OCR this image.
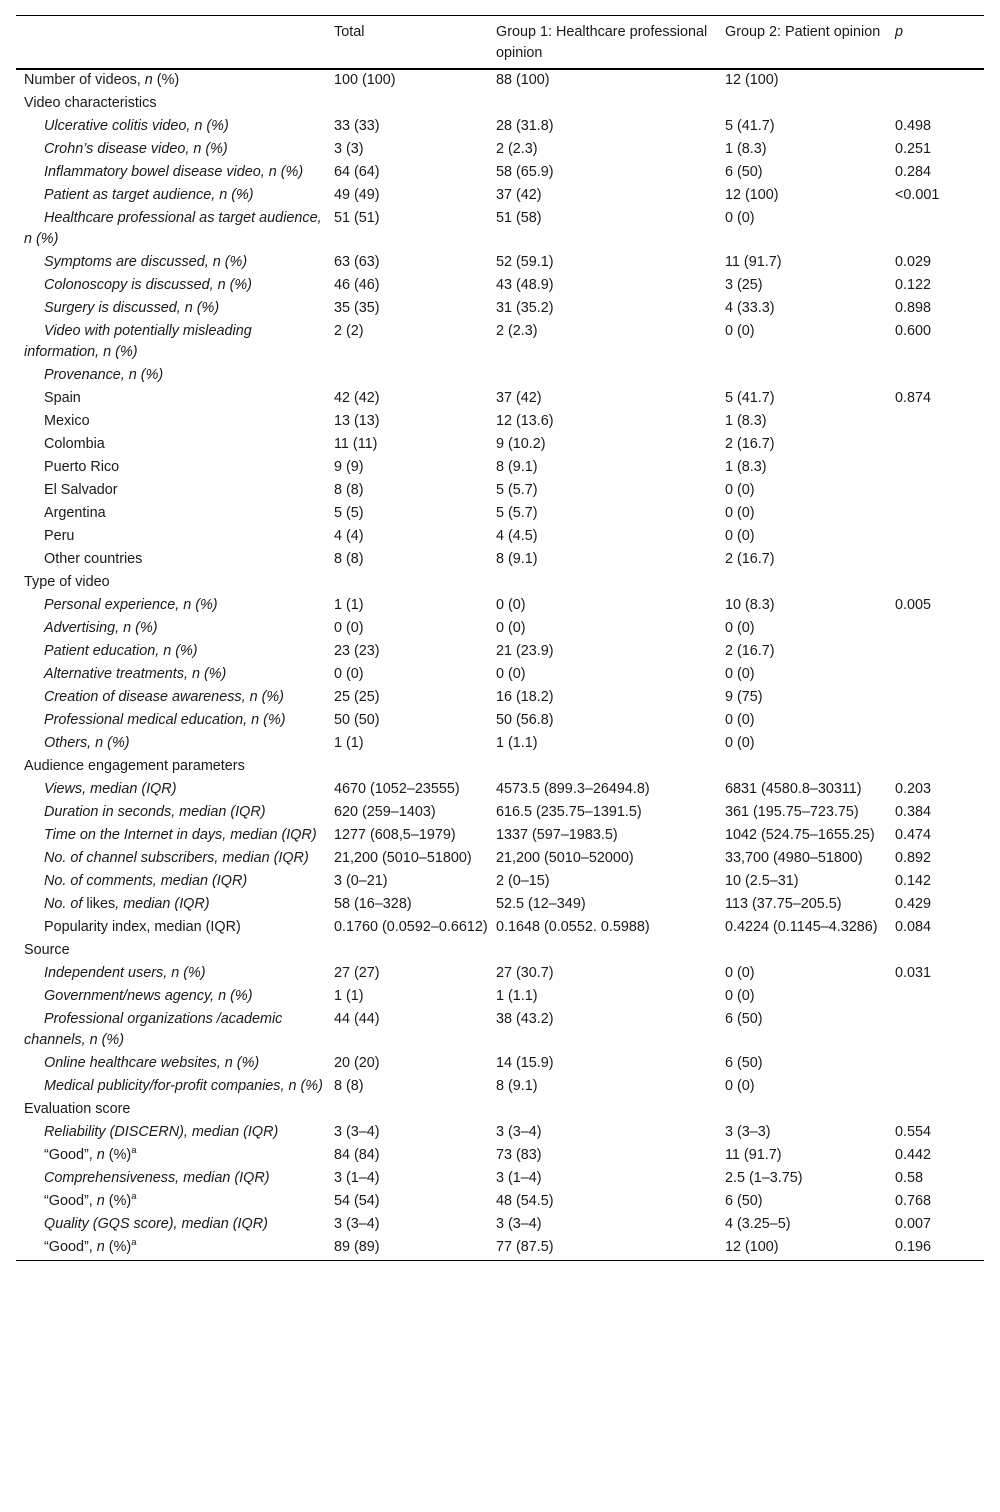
	Total	Group 1: Healthcare professional opinion	Group 2: Patient opinion	p
Number of videos, n (%)	100 (100)	88 (100)	12 (100)	
Video characteristics				
Ulcerative colitis video, n (%)	33 (33)	28 (31.8)	5 (41.7)	0.498
Crohn’s disease video, n (%)	3 (3)	2 (2.3)	1 (8.3)	0.251
Inflammatory bowel disease video, n (%)	64 (64)	58 (65.9)	6 (50)	0.284
Patient as target audience, n (%)	49 (49)	37 (42)	12 (100)	<0.001
Healthcare professional as target audience, n (%)	51 (51)	51 (58)	0 (0)	
Symptoms are discussed, n (%)	63 (63)	52 (59.1)	11 (91.7)	0.029
Colonoscopy is discussed, n (%)	46 (46)	43 (48.9)	3 (25)	0.122
Surgery is discussed, n (%)	35 (35)	31 (35.2)	4 (33.3)	0.898
Video with potentially misleading information, n (%)	2 (2)	2 (2.3)	0 (0)	0.600
Provenance, n (%)				
Spain	42 (42)	37 (42)	5 (41.7)	0.874
Mexico	13 (13)	12 (13.6)	1 (8.3)	
Colombia	11 (11)	9 (10.2)	2 (16.7)	
Puerto Rico	9 (9)	8 (9.1)	1 (8.3)	
El Salvador	8 (8)	5 (5.7)	0 (0)	
Argentina	5 (5)	5 (5.7)	0 (0)	
Peru	4 (4)	4 (4.5)	0 (0)	
Other countries	8 (8)	8 (9.1)	2 (16.7)	
Type of video				
Personal experience, n (%)	1 (1)	0 (0)	10 (8.3)	0.005
Advertising, n (%)	0 (0)	0 (0)	0 (0)	
Patient education, n (%)	23 (23)	21 (23.9)	2 (16.7)	
Alternative treatments, n (%)	0 (0)	0 (0)	0 (0)	
Creation of disease awareness, n (%)	25 (25)	16 (18.2)	9 (75)	
Professional medical education, n (%)	50 (50)	50 (56.8)	0 (0)	
Others, n (%)	1 (1)	1 (1.1)	0 (0)	
Audience engagement parameters				
Views, median (IQR)	4670 (1052–23555)	4573.5 (899.3–26494.8)	6831 (4580.8–30311)	0.203
Duration in seconds, median (IQR)	620 (259–1403)	616.5 (235.75–1391.5)	361 (195.75–723.75)	0.384
Time on the Internet in days, median (IQR)	1277 (608,5–1979)	1337 (597–1983.5)	1042 (524.75–1655.25)	0.474
No. of channel subscribers, median (IQR)	21,200 (5010–51800)	21,200 (5010–52000)	33,700 (4980–51800)	0.892
No. of comments, median (IQR)	3 (0–21)	2 (0–15)	10 (2.5–31)	0.142
No. of likes, median (IQR)	58 (16–328)	52.5 (12–349)	113 (37.75–205.5)	0.429
Popularity index, median (IQR)	0.1760 (0.0592–0.6612)	0.1648 (0.0552. 0.5988)	0.4224 (0.1145–4.3286)	0.084
Source				
Independent users, n (%)	27 (27)	27 (30.7)	0 (0)	0.031
Government/news agency, n (%)	1 (1)	1 (1.1)	0 (0)	
Professional organizations /academic channels, n (%)	44 (44)	38 (43.2)	6 (50)	
Online healthcare websites, n (%)	20 (20)	14 (15.9)	6 (50)	
Medical publicity/for-profit companies, n (%)	8 (8)	8 (9.1)	0 (0)	
Evaluation score				
Reliability (DISCERN), median (IQR)	3 (3–4)	3 (3–4)	3 (3–3)	0.554
“Good”, n (%)$^a$	84 (84)	73 (83)	11 (91.7)	0.442
Comprehensiveness, median (IQR)	3 (1–4)	3 (1–4)	2.5 (1–3.75)	0.58
“Good”, n (%)$^a$	54 (54)	48 (54.5)	6 (50)	0.768
Quality (GQS score), median (IQR)	3 (3–4)	3 (3–4)	4 (3.25–5)	0.007
“Good”, n (%)$^a$	89 (89)	77 (87.5)	12 (100)	0.196
